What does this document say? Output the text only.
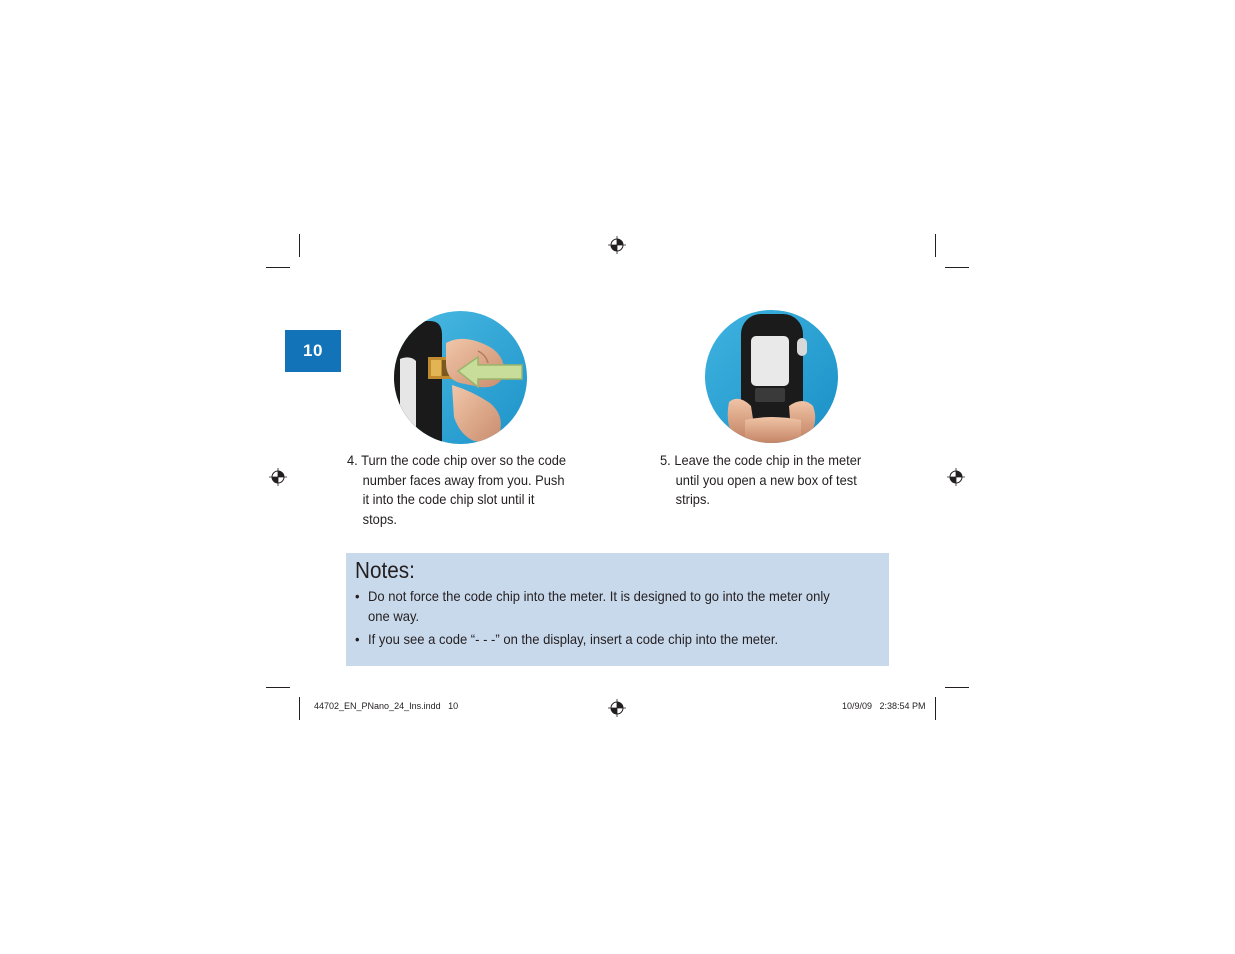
10

4. Turn the code chip over so the code number faces away from you. Push it into the code chip slot until it stops.

5. Leave the code chip in the meter until you open a new box of test strips.

Notes:
• Do not force the code chip into the meter. It is designed to go into the meter only one way.
• If you see a code “- - -” on the display, insert a code chip into the meter.
44702_EN_PNano_24_Ins.indd   10	10/9/09   2:38:54 PM
